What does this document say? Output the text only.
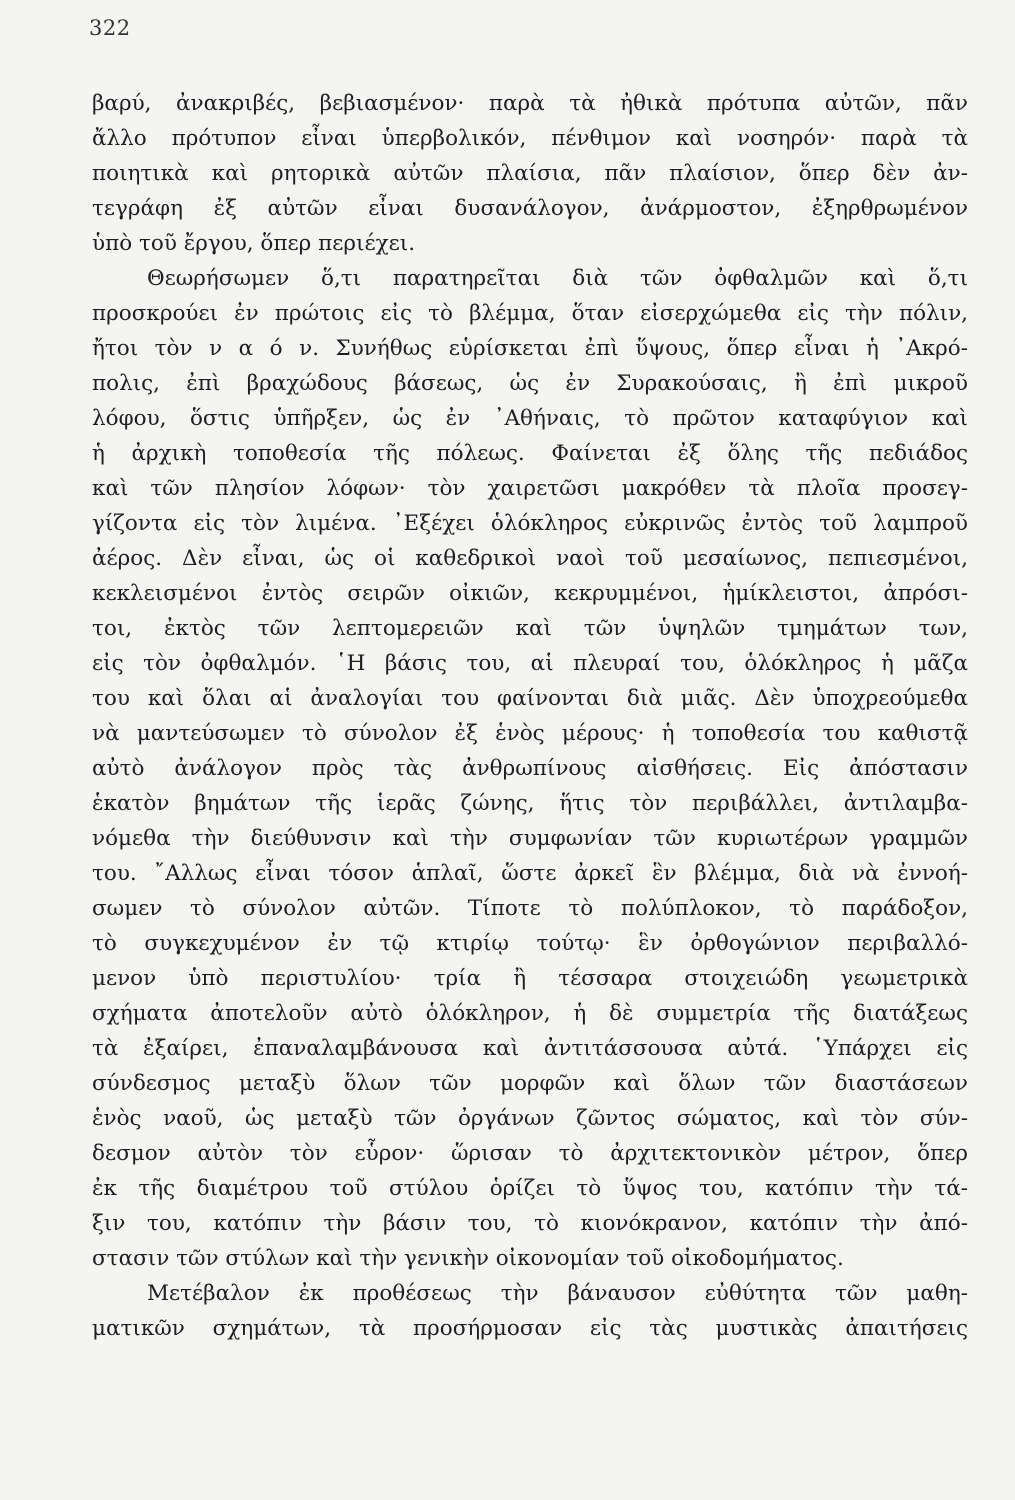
322
βαρύ, ἀνακριβές, βεβιασμένον· παρὰ τὰ ἠθικὰ πρότυπα αὐτῶν, πᾶν
ἄλλο πρότυπον εἶναι ὑπερβολικόν, πένθιμον καὶ νοσηρόν· παρὰ τὰ
ποιητικὰ καὶ ρητορικὰ αὐτῶν πλαίσια, πᾶν πλαίσιον, ὅπερ δὲν ἀν-
τεγράφη ἐξ αὐτῶν εἶναι δυσανάλογον, ἀνάρμοστον, ἐξηρθρωμένον
ὑπὸ τοῦ ἔργου, ὅπερ περιέχει.
Θεωρήσωμεν ὅ,τι παρατηρεῖται διὰ τῶν ὀφθαλμῶν καὶ ὅ,τι
προσκρούει ἐν πρώτοις εἰς τὸ βλέμμα, ὅταν εἰσερχώμεθα εἰς τὴν πόλιν,
ἤτοι τὸν ν α ό ν. Συνήθως εὑρίσκεται ἐπὶ ὕψους, ὅπερ εἶναι ἡ ᾿Ακρό-
πολις, ἐπὶ βραχώδους βάσεως, ὡς ἐν Συρακούσαις, ἢ ἐπὶ μικροῦ
λόφου, ὅστις ὑπῆρξεν, ὡς ἐν ᾿Αθήναις, τὸ πρῶτον καταφύγιον καὶ
ἡ ἀρχικὴ τοποθεσία τῆς πόλεως. Φαίνεται ἐξ ὅλης τῆς πεδιάδος
καὶ τῶν πλησίον λόφων· τὸν χαιρετῶσι μακρόθεν τὰ πλοῖα προσεγ-
γίζοντα εἰς τὸν λιμένα. ᾿Εξέχει ὁλόκληρος εὐκρινῶς ἐντὸς τοῦ λαμπροῦ
ἀέρος. Δὲν εἶναι, ὡς οἱ καθεδρικοὶ ναοὶ τοῦ μεσαίωνος, πεπιεσμένοι,
κεκλεισμένοι ἐντὸς σειρῶν οἰκιῶν, κεκρυμμένοι, ἡμίκλειστοι, ἀπρόσι-
τοι, ἐκτὸς τῶν λεπτομερειῶν καὶ τῶν ὑψηλῶν τμημάτων των,
εἰς τὸν ὀφθαλμόν. ῾Η βάσις του, αἱ πλευραί του, ὁλόκληρος ἡ μᾶζα
του καὶ ὅλαι αἱ ἀναλογίαι του φαίνονται διὰ μιᾶς. Δὲν ὑποχρεούμεθα
νὰ μαντεύσωμεν τὸ σύνολον ἐξ ἑνὸς μέρους· ἡ τοποθεσία του καθιστᾷ
αὐτὸ ἀνάλογον πρὸς τὰς ἀνθρωπίνους αἰσθήσεις. Εἰς ἀπόστασιν
ἑκατὸν βημάτων τῆς ἱερᾶς ζώνης, ἥτις τὸν περιβάλλει, ἀντιλαμβα-
νόμεθα τὴν διεύθυνσιν καὶ τὴν συμφωνίαν τῶν κυριωτέρων γραμμῶν
του. ῎Αλλως εἶναι τόσον ἁπλαῖ, ὥστε ἀρκεῖ ἓν βλέμμα, διὰ νὰ ἐννοή-
σωμεν τὸ σύνολον αὐτῶν. Τίποτε τὸ πολύπλοκον, τὸ παράδοξον,
τὸ συγκεχυμένον ἐν τῷ κτιρίῳ τούτῳ· ἓν ὀρθογώνιον περιβαλλό-
μενον ὑπὸ περιστυλίου· τρία ἢ τέσσαρα στοιχειώδη γεωμετρικὰ
σχήματα ἀποτελοῦν αὐτὸ ὁλόκληρον, ἡ δὲ συμμετρία τῆς διατάξεως
τὰ ἐξαίρει, ἐπαναλαμβάνουσα καὶ ἀντιτάσσουσα αὐτά. ῾Υπάρχει εἰς
σύνδεσμος μεταξὺ ὅλων τῶν μορφῶν καὶ ὅλων τῶν διαστάσεων
ἑνὸς ναοῦ, ὡς μεταξὺ τῶν ὀργάνων ζῶντος σώματος, καὶ τὸν σύν-
δεσμον αὐτὸν τὸν εὗρον· ὥρισαν τὸ ἀρχιτεκτονικὸν μέτρον, ὅπερ
ἐκ τῆς διαμέτρου τοῦ στύλου ὁρίζει τὸ ὕψος του, κατόπιν τὴν τά-
ξιν του, κατόπιν τὴν βάσιν του, τὸ κιονόκρανον, κατόπιν τὴν ἀπό-
στασιν τῶν στύλων καὶ τὴν γενικὴν οἰκονομίαν τοῦ οἰκοδομήματος.
Μετέβαλον ἐκ προθέσεως τὴν βάναυσον εὐθύτητα τῶν μαθη-
ματικῶν σχημάτων, τὰ προσήρμοσαν εἰς τὰς μυστικὰς ἀπαιτήσεις
